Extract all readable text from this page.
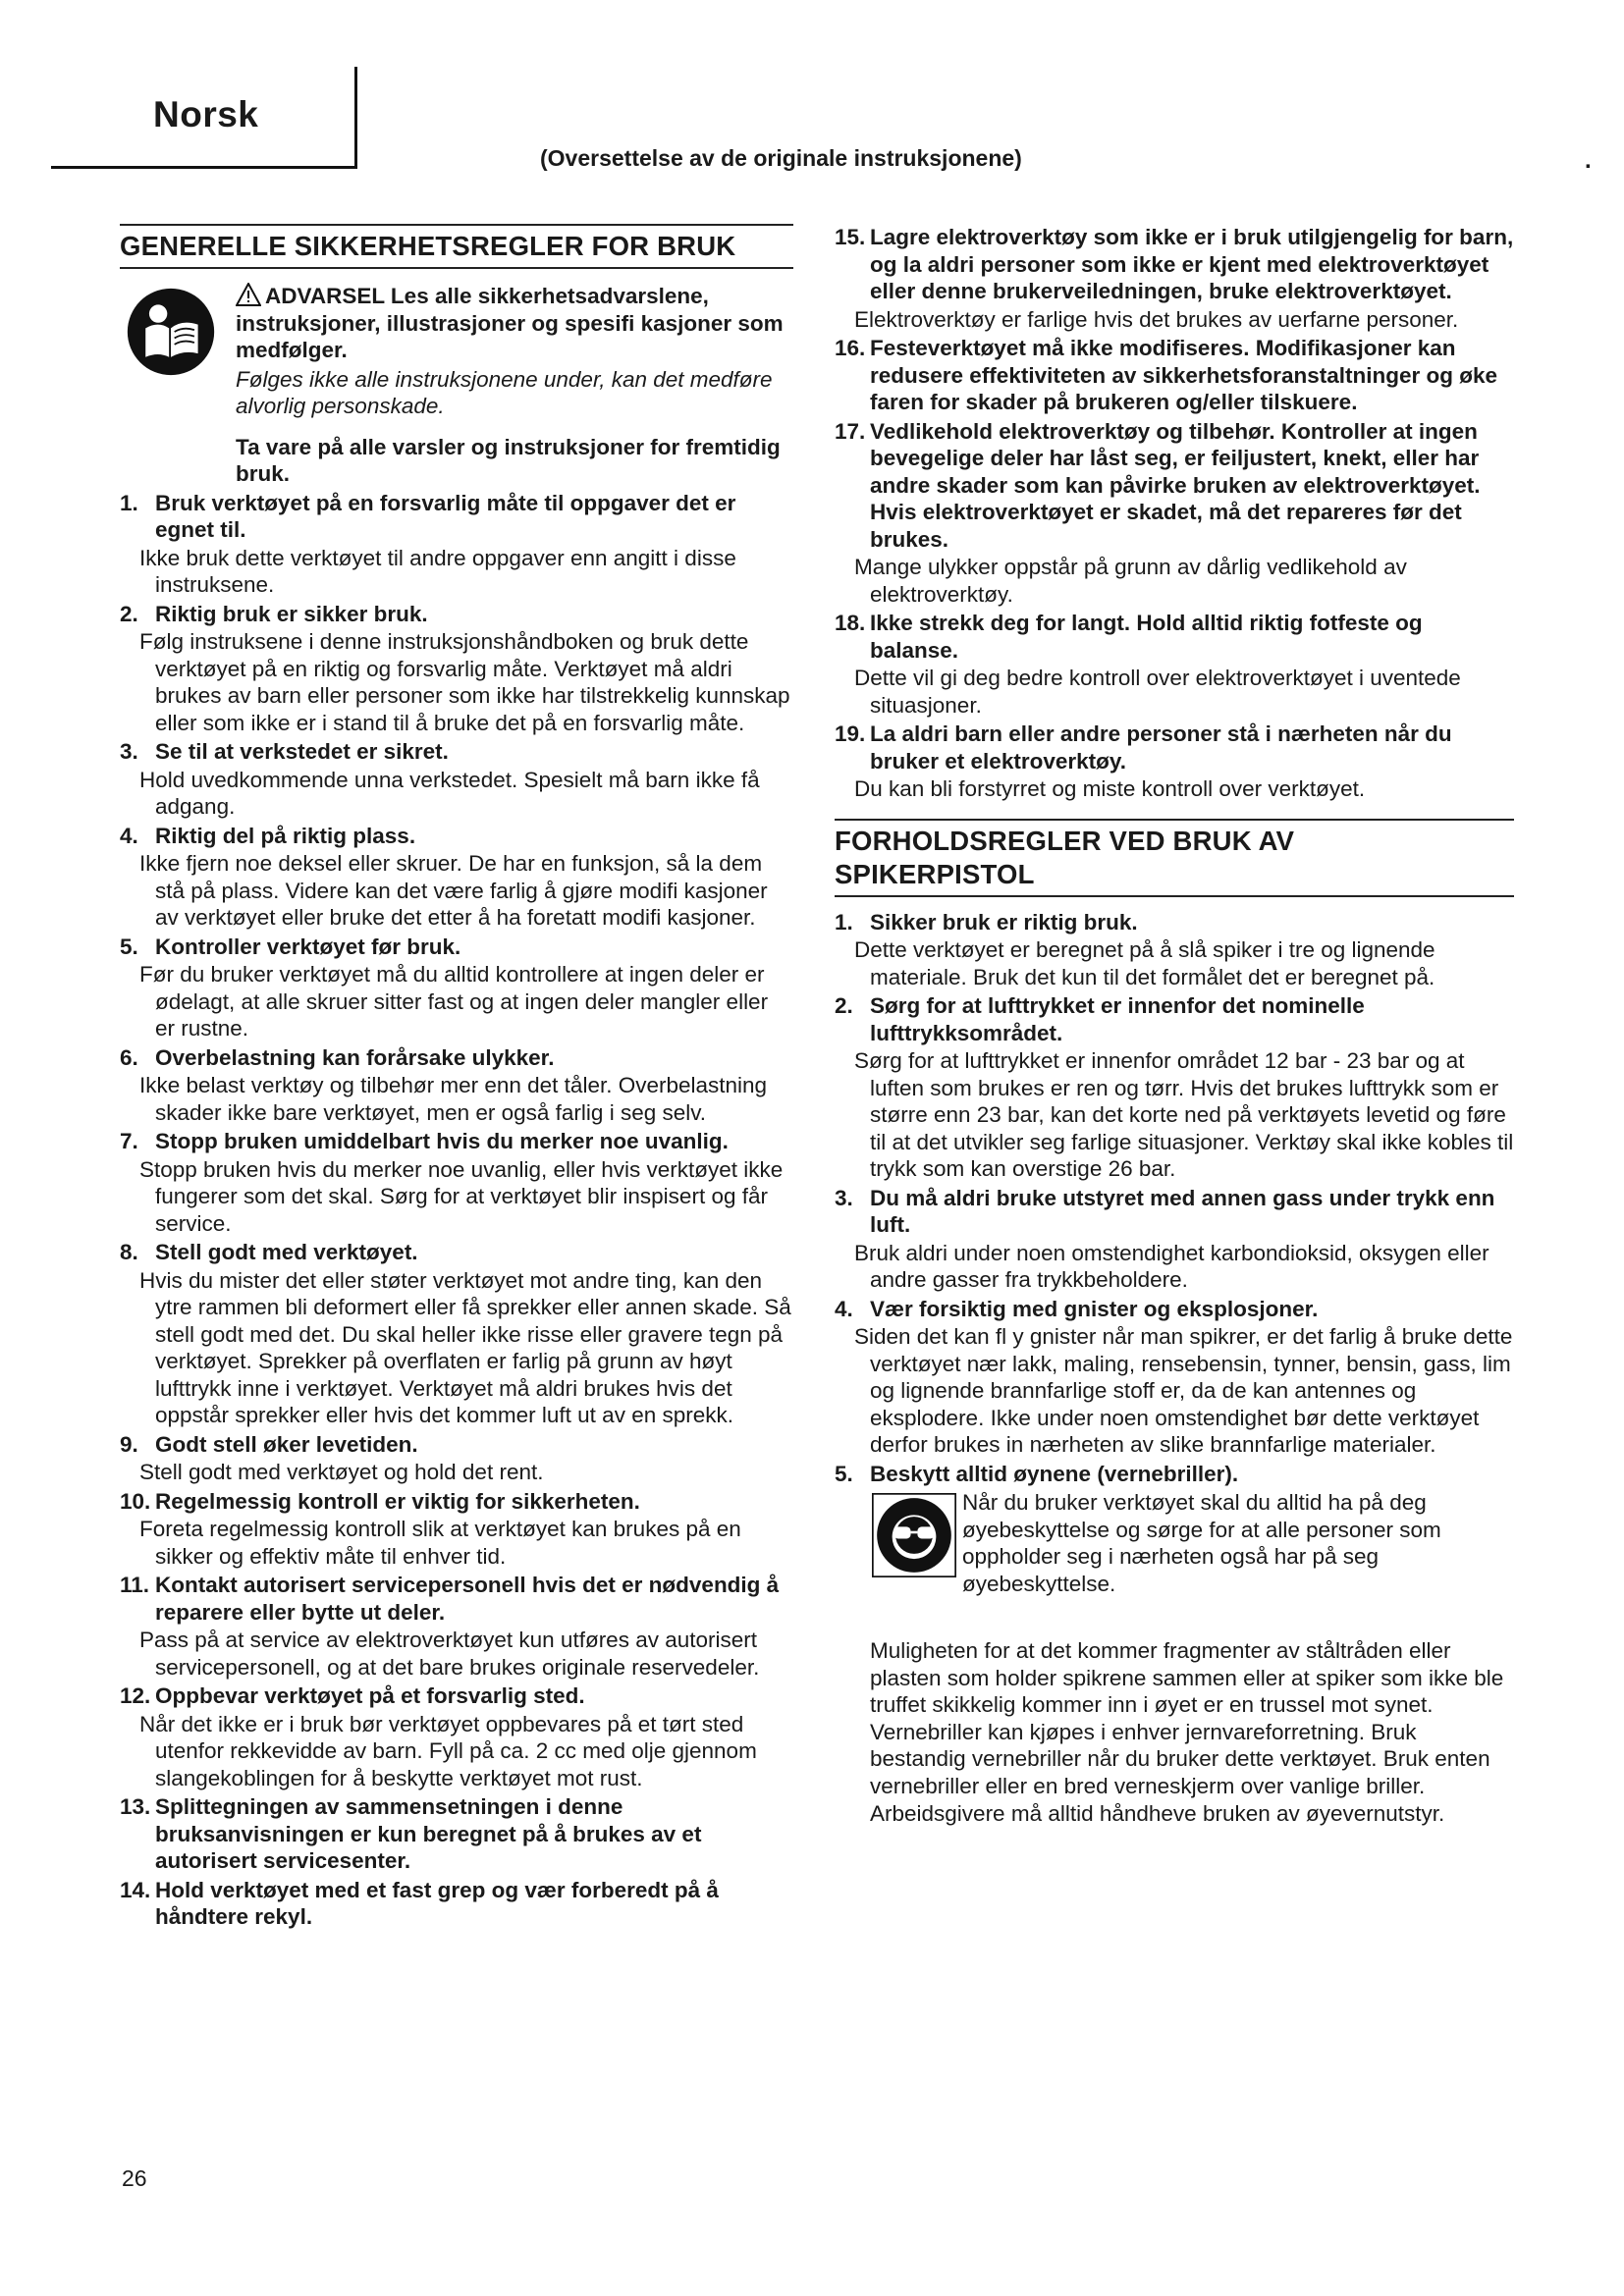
Norsk
(Oversettelse av de originale instruksjonene)	.
GENERELLE SIKKERHETSREGLER FOR BRUK
ADVARSEL Les alle sikkerhetsadvarslene, instruksjoner, illustrasjoner og spesifi kasjoner som medfølger.
Følges ikke alle instruksjonene under, kan det medføre alvorlig personskade.
Ta vare på alle varsler og instruksjoner for fremtidig bruk.
1. Bruk verktøyet på en forsvarlig måte til oppgaver det er egnet til.
Ikke bruk dette verktøyet til andre oppgaver enn angitt i disse instruksene.
2. Riktig bruk er sikker bruk.
Følg instruksene i denne instruksjonshåndboken og bruk dette verktøyet på en riktig og forsvarlig måte. Verktøyet må aldri brukes av barn eller personer som ikke har tilstrekkelig kunnskap eller som ikke er i stand til å bruke det på en forsvarlig måte.
3. Se til at verkstedet er sikret.
Hold uvedkommende unna verkstedet. Spesielt må barn ikke få adgang.
4. Riktig del på riktig plass.
Ikke fjern noe deksel eller skruer. De har en funksjon, så la dem stå på plass. Videre kan det være farlig å gjøre modifi kasjoner av verktøyet eller bruke det etter å ha foretatt modifi kasjoner.
5. Kontroller verktøyet før bruk.
Før du bruker verktøyet må du alltid kontrollere at ingen deler er ødelagt, at alle skruer sitter fast og at ingen deler mangler eller er rustne.
6. Overbelastning kan forårsake ulykker.
Ikke belast verktøy og tilbehør mer enn det tåler. Overbelastning skader ikke bare verktøyet, men er også farlig i seg selv.
7. Stopp bruken umiddelbart hvis du merker noe uvanlig.
Stopp bruken hvis du merker noe uvanlig, eller hvis verktøyet ikke fungerer som det skal. Sørg for at verktøyet blir inspisert og får service.
8. Stell godt med verktøyet.
Hvis du mister det eller støter verktøyet mot andre ting, kan den ytre rammen bli deformert eller få sprekker eller annen skade. Så stell godt med det. Du skal heller ikke risse eller gravere tegn på verktøyet. Sprekker på overflaten er farlig på grunn av høyt lufttrykk inne i verktøyet. Verktøyet må aldri brukes hvis det oppstår sprekker eller hvis det kommer luft ut av en sprekk.
9. Godt stell øker levetiden.
Stell godt med verktøyet og hold det rent.
10. Regelmessig kontroll er viktig for sikkerheten.
Foreta regelmessig kontroll slik at verktøyet kan brukes på en sikker og effektiv måte til enhver tid.
11. Kontakt autorisert servicepersonell hvis det er nødvendig å reparere eller bytte ut deler.
Pass på at service av elektroverktøyet kun utføres av autorisert servicepersonell, og at det bare brukes originale reservedeler.
12. Oppbevar verktøyet på et forsvarlig sted.
Når det ikke er i bruk bør verktøyet oppbevares på et tørt sted utenfor rekkevidde av barn. Fyll på ca. 2 cc med olje gjennom slangekoblingen for å beskytte verktøyet mot rust.
13. Splittegningen av sammensetningen i denne bruksanvisningen er kun beregnet på å brukes av et autorisert servicesenter.
14. Hold verktøyet med et fast grep og vær forberedt på å håndtere rekyl.
15. Lagre elektroverktøy som ikke er i bruk utilgjengelig for barn, og la aldri personer som ikke er kjent med elektroverktøyet eller denne brukerveiledningen, bruke elektroverktøyet.
Elektroverktøy er farlige hvis det brukes av uerfarne personer.
16. Festeverktøyet må ikke modifiseres. Modifikasjoner kan redusere effektiviteten av sikkerhetsforanstaltninger og øke faren for skader på brukeren og/eller tilskuere.
17. Vedlikehold elektroverktøy og tilbehør. Kontroller at ingen bevegelige deler har låst seg, er feiljustert, knekt, eller har andre skader som kan påvirke bruken av elektroverktøyet. Hvis elektroverktøyet er skadet, må det repareres før det brukes.
Mange ulykker oppstår på grunn av dårlig vedlikehold av elektroverktøy.
18. Ikke strekk deg for langt. Hold alltid riktig fotfeste og balanse.
Dette vil gi deg bedre kontroll over elektroverktøyet i uventede situasjoner.
19. La aldri barn eller andre personer stå i nærheten når du bruker et elektroverktøy.
Du kan bli forstyrret og miste kontroll over verktøyet.
FORHOLDSREGLER VED BRUK AV
SPIKERPISTOL
1. Sikker bruk er riktig bruk.
Dette verktøyet er beregnet på å slå spiker i tre og lignende materiale. Bruk det kun til det formålet det er beregnet på.
2. Sørg for at lufttrykket er innenfor det nominelle lufttrykksområdet.
Sørg for at lufttrykket er innenfor området 12 bar - 23 bar og at luften som brukes er ren og tørr. Hvis det brukes lufttrykk som er større enn 23 bar, kan det korte ned på verktøyets levetid og føre til at det utvikler seg farlige situasjoner. Verktøy skal ikke kobles til trykk som kan overstige 26 bar.
3. Du må aldri bruke utstyret med annen gass under trykk enn luft.
Bruk aldri under noen omstendighet karbondioksid, oksygen eller andre gasser fra trykkbeholdere.
4. Vær forsiktig med gnister og eksplosjoner.
Siden det kan fl y gnister når man spikrer, er det farlig å bruke dette verktøyet nær lakk, maling, rensebensin, tynner, bensin, gass, lim og lignende brannfarlige stoff er, da de kan antennes og eksplodere. Ikke under noen omstendighet bør dette verktøyet derfor brukes in nærheten av slike brannfarlige materialer.
5. Beskytt alltid øynene (vernebriller).
Når du bruker verktøyet skal du alltid ha på deg øyebeskyttelse og sørge for at alle personer som oppholder seg i nærheten også har på seg øyebeskyttelse.
Muligheten for at det kommer fragmenter av ståltråden eller plasten som holder spikrene sammen eller at spiker som ikke ble truffet skikkelig kommer inn i øyet er en trussel mot synet. Vernebriller kan kjøpes i enhver jernvareforretning. Bruk bestandig vernebriller når du bruker dette verktøyet. Bruk enten vernebriller eller en bred verneskjerm over vanlige briller.
Arbeidsgivere må alltid håndheve bruken av øyevernutstyr.
26
